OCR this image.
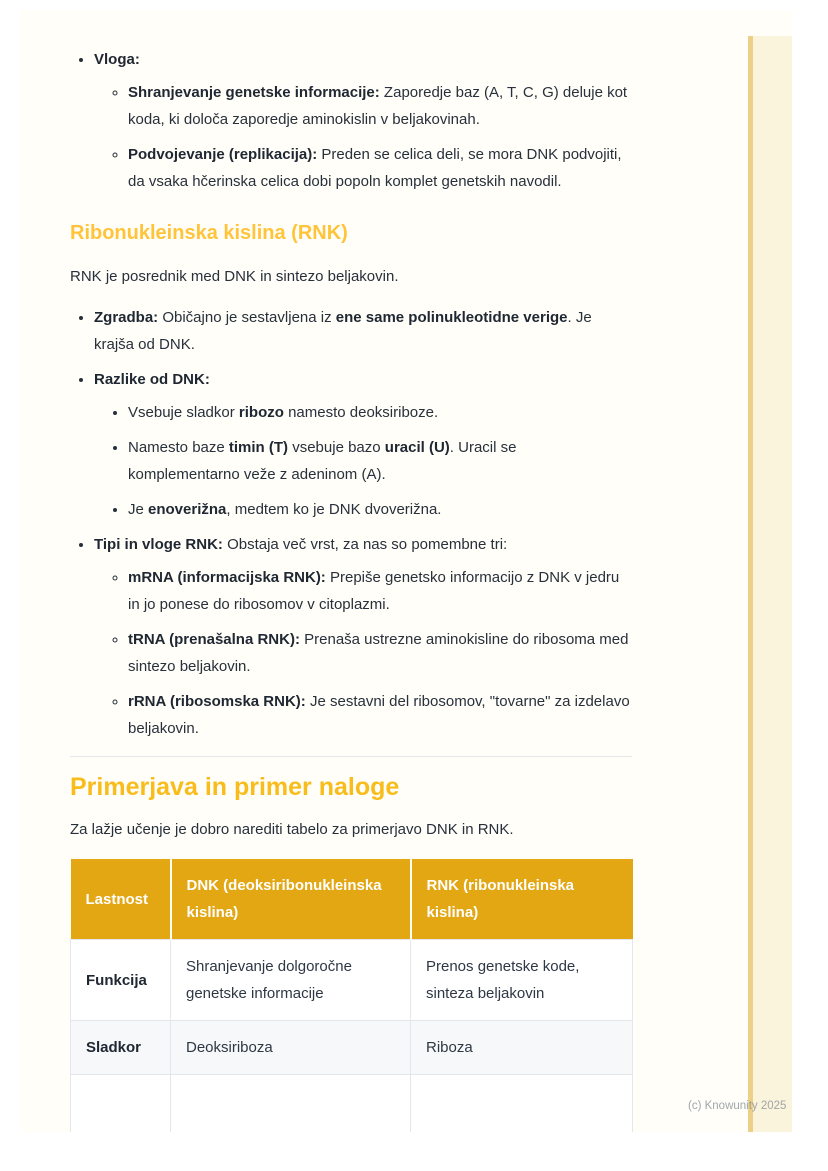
• Vloga:
◦ Shranjevanje genetske informacije: Zaporedje baz (A, T, C, G) deluje kot koda, ki določa zaporedje aminokislin v beljakovinah.
◦ Podvojevanje (replikacija): Preden se celica deli, se mora DNK podvojiti, da vsaka hčerinska celica dobi popoln komplet genetskih navodil.
Ribonukleinska kislina (RNK)

RNK je posrednik med DNK in sintezo beljakovin.

• Zgradba: Običajno je sestavljena iz ene same polinukleotidne verige. Je krajša od DNK.
• Razlike od DNK:
• Vsebuje sladkor ribozo namesto deoksiriboze.
• Namesto baze timin (T) vsebuje bazo uracil (U). Uracil se komplementarno veže z adeninom (A).
• Je enoverižna, medtem ko je DNK dvoverižna.
• Tipi in vloge RNK: Obstaja več vrst, za nas so pomembne tri:
◦ mRNA (informacijska RNK): Prepiše genetsko informacijo z DNK v jedru in jo ponese do ribosomov v citoplazmi.
◦ tRNA (prenašalna RNK): Prenaša ustrezne aminokisline do ribosoma med sintezo beljakovin.
◦ rRNA (ribosomska RNK): Je sestavni del ribosomov, "tovarne" za izdelavo beljakovin.
Primerjava in primer naloge

Za lažje učenje je dobro narediti tabelo za primerjavo DNK in RNK.

Lastnost	DNK (deoksiribonukleinska kislina)	RNK (ribonukleinska kislina)
Funkcija	Shranjevanje dolgoročne genetske informacije	Prenos genetske kode, sinteza beljakovin
Sladkor	Deoksiriboza	Riboza

(c) Knowunity 2025
